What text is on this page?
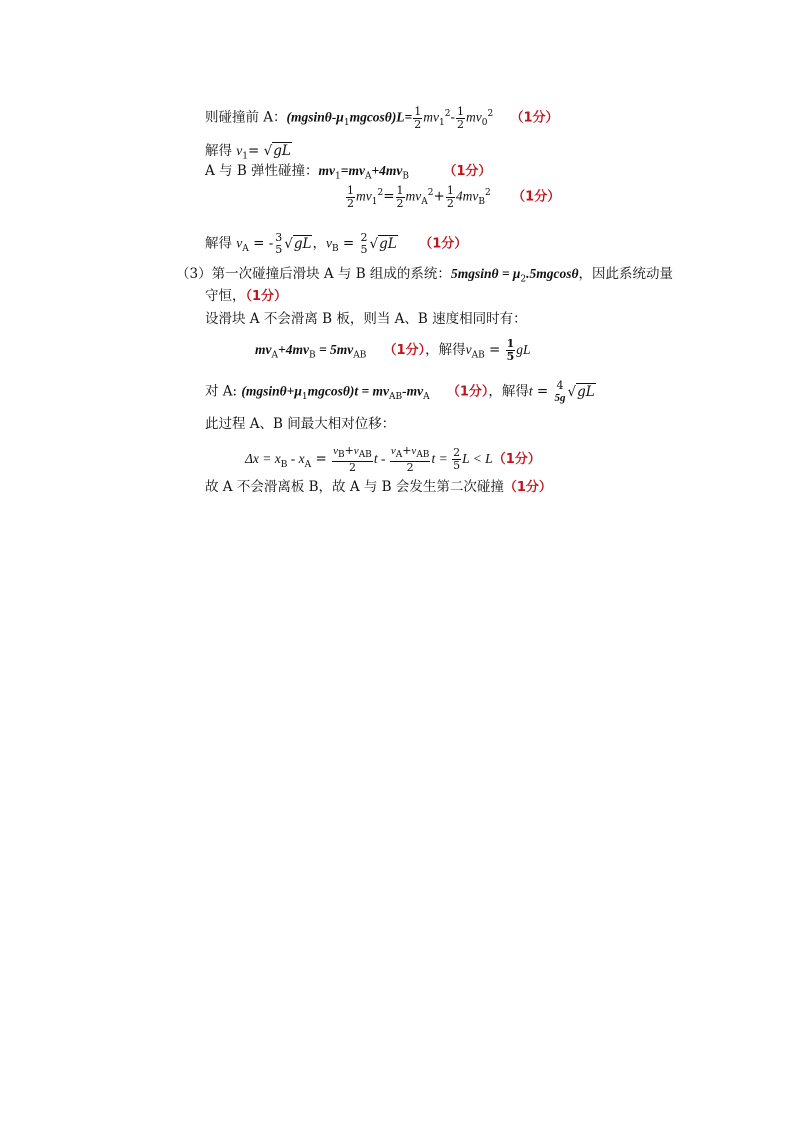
则碰撞前 A：$(mgsin\theta-\mu_1mgcos\theta)L= \frac{1}{2} mv_1^2- \frac{1}{2} mv_0^2$ （1分）
解得 $v_1= √gL$
A 与 B 弹性碰撞：$mv_1=mv_A+4mv_B$	（1分）
$\frac{1}{2} mv_1^2= \frac{1}{2} mv_A^2+ \frac{1}{2} 4mv_B^2$ （1分）
解得 $v_A$ = - 3
5 √gL，$v_B = 2$
5 √gL （1分）
（3）第一次碰撞后滑块 A 与 B 组成的系统：$5mgsin\theta = \mu_2.5mgcos\theta$，因此系统动量
守恒，（1分）
设滑块 A 不会滑离 B 板，则当 A、B 速度相同时有：
$mv_A+4mv_B = 5mv_{AB}$ （1分），解得$v_{AB} = \frac{1}{5}$ gL
对 A: $(mgsin\theta+\mu_1mgcos\theta)t = mv_{AB}-mv_A$ （1分），解得t = 4
5g √gL
此过程 A、B 间最大相对位移：
$\Delta x = x_B - x_A = \frac{v_B+v_{AB}}{2}$ t - $\frac{v_A+v_{AB}}{2}$ $t = \frac{2}{5}$ L < L（1分）
故 A 不会滑离板 B，故 A 与 B 会发生第二次碰撞（1分）
